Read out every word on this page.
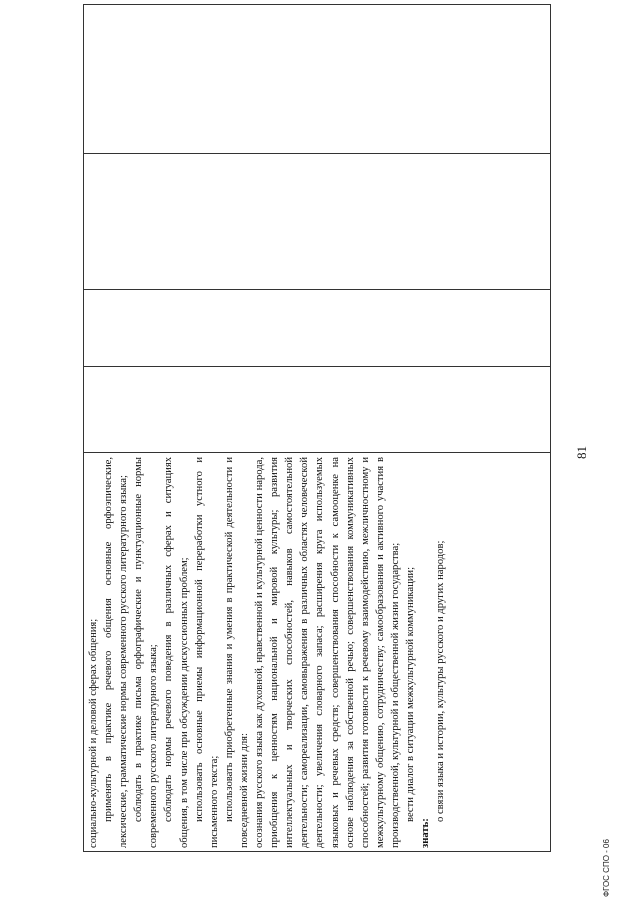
социально-культурной и деловой сферах общения; применять в практике речевого общения основные орфоэпические, лексические, грамматические нормы современного русского литературного языка; соблюдать в практике письма орфографические и пунктуационные нормы современного русского литературного языка; соблюдать нормы речевого поведения в различных сферах и ситуациях общения, в том числе при обсуждении дискуссионных проблем; использовать основные приемы информационной переработки устного и письменного текста; использовать приобретенные знания и умения в практической деятельности и повседневной жизни для: осознания русского языка как духовной, нравственной и культурной ценности народа, приобщения к ценностям национальной и мировой культуры; развития интеллектуальных и творческих способностей, навыков самостоятельной деятельности; самореализации, самовыражения в различных областях человеческой деятельности; увеличения словарного запаса; расширения круга используемых языковых и речевых средств; совершенствования способности к самооценке на основе наблюдения за собственной речью; совершенствования коммуникативных способностей; развития готовности к речевому взаимодействию, межличностному и межкультурному общению, сотрудничеству; самообразования и активного участия в производственной, культурной и общественной жизни государства; вести диалог в ситуации межкультурной коммуникации;

знать:

о связи языка и истории, культуры русского и других народов;

81
ФГОС СПО - 06
